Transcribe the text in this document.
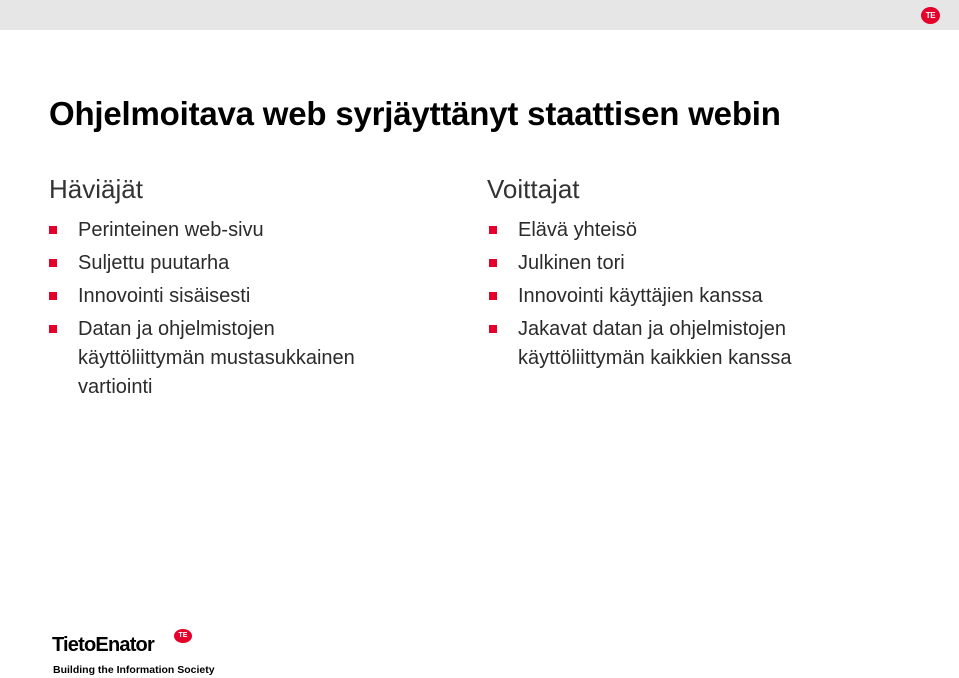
TE
Ohjelmoitava web syrjäyttänyt staattisen webin
Häviäjät
Perinteinen web-sivu
Suljettu puutarha
Innovointi sisäisesti
Datan ja ohjelmistojen
käyttöliittymän mustasukkainen
vartiointi
Voittajat
Elävä yhteisö
Julkinen tori
Innovointi käyttäjien kanssa
Jakavat datan ja ohjelmistojen
käyttöliittymän kaikkien kanssa
TietoEnator	TE
Building the Information Society
